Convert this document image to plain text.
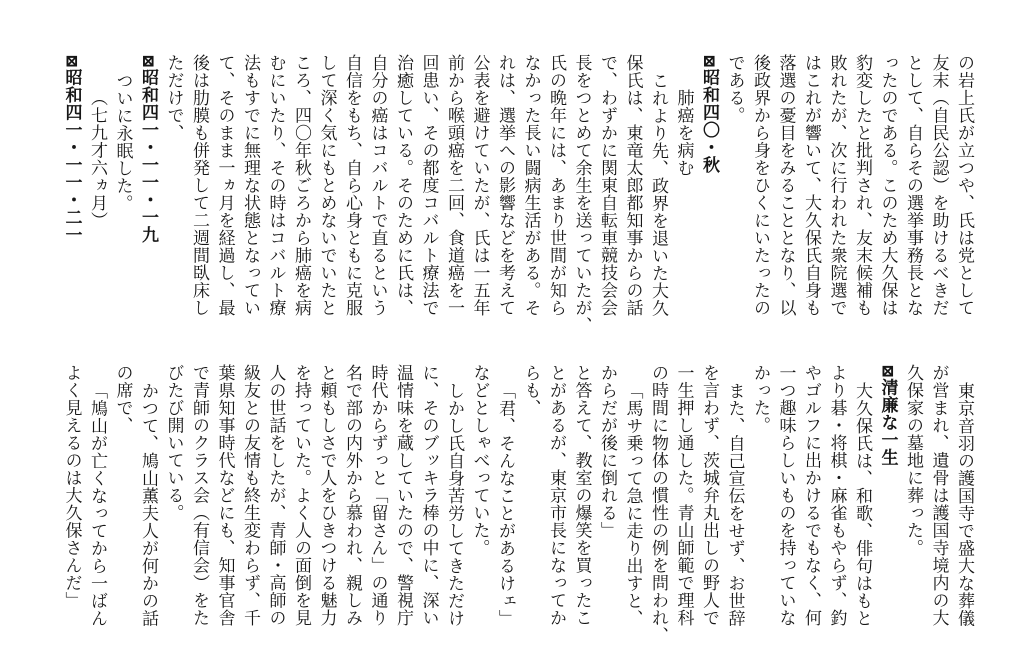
の岩上氏が立つや、氏は党として
友末（自民公認）を助けるべきだ
として、自らその選挙事務長とな
ったのである。このため大久保は
豹変したと批判され、友末候補も
敗れたが、次に行われた衆院選で
はこれが響いて、大久保氏自身も
落選の憂目をみることとなり、以
後政界から身をひくにいたったの
である。
⊠昭和四〇・秋
肺癌を病む
これより先、政界を退いた大久
保氏は、東竜太郎都知事からの話
で、わずかに関東自転車競技会会
長をつとめて余生を送っていたが、
氏の晩年には、あまり世間が知ら
なかった長い闘病生活がある。そ
れは、選挙への影響などを考えて
公表を避けていたが、氏は一五年
前から喉頭癌を二回、食道癌を一
回患い、その都度コバルト療法で
治癒している。そのために氏は、
自分の癌はコバルトで直るという
自信をもち、自ら心身ともに克服
して深く気にもとめないでいたと
ころ、四〇年秋ごろから肺癌を病
むにいたり、その時はコバルト療
法もすでに無理な状態となってい
て、そのまま一ヵ月を経過し、最
後は肋膜も併発して二週間臥床し
ただけで、
⊠昭和四一・一一・一九
ついに永眠した。
（七九才六ヵ月）
⊠昭和四一・一一・二一
東京音羽の護国寺で盛大な葬儀
が営まれ、遺骨は護国寺境内の大
久保家の墓地に葬った。
⊠清廉な一生
大久保氏は、和歌、俳句はもと
より碁・将棋・麻雀もやらず、釣
やゴルフに出かけるでもなく、何
一つ趣味らしいものを持っていな
かった。
また、自己宣伝をせず、お世辞
を言わず、茨城弁丸出しの野人で
一生押し通した。青山師範で理科
の時間に物体の慣性の例を問われ、
「馬サ乗って急に走り出すと、
からだが後に倒れる」
と答えて、教室の爆笑を買ったこ
とがあるが、東京市長になってか
らも、
「君、そんなことがあるけェ」
などとしゃべっていた。
しかし氏自身苦労してきただけ
に、そのブッキラ棒の中に、深い
温情味を蔵していたので、警視庁
時代からずっと「留さん」の通り
名で部の内外から慕われ、親しみ
と頼もしさで人をひきつける魅力
を持っていた。よく人の面倒を見
人の世話をしたが、青師・高師の
級友との友情も終生変わらず、千
葉県知事時代などにも、知事官舎
で青師のクラス会（有信会）をた
びたび開いている。
かつて、鳩山薫夫人が何かの話
の席で、
「鳩山が亡くなってから一ばん
よく見えるのは大久保さんだ」
